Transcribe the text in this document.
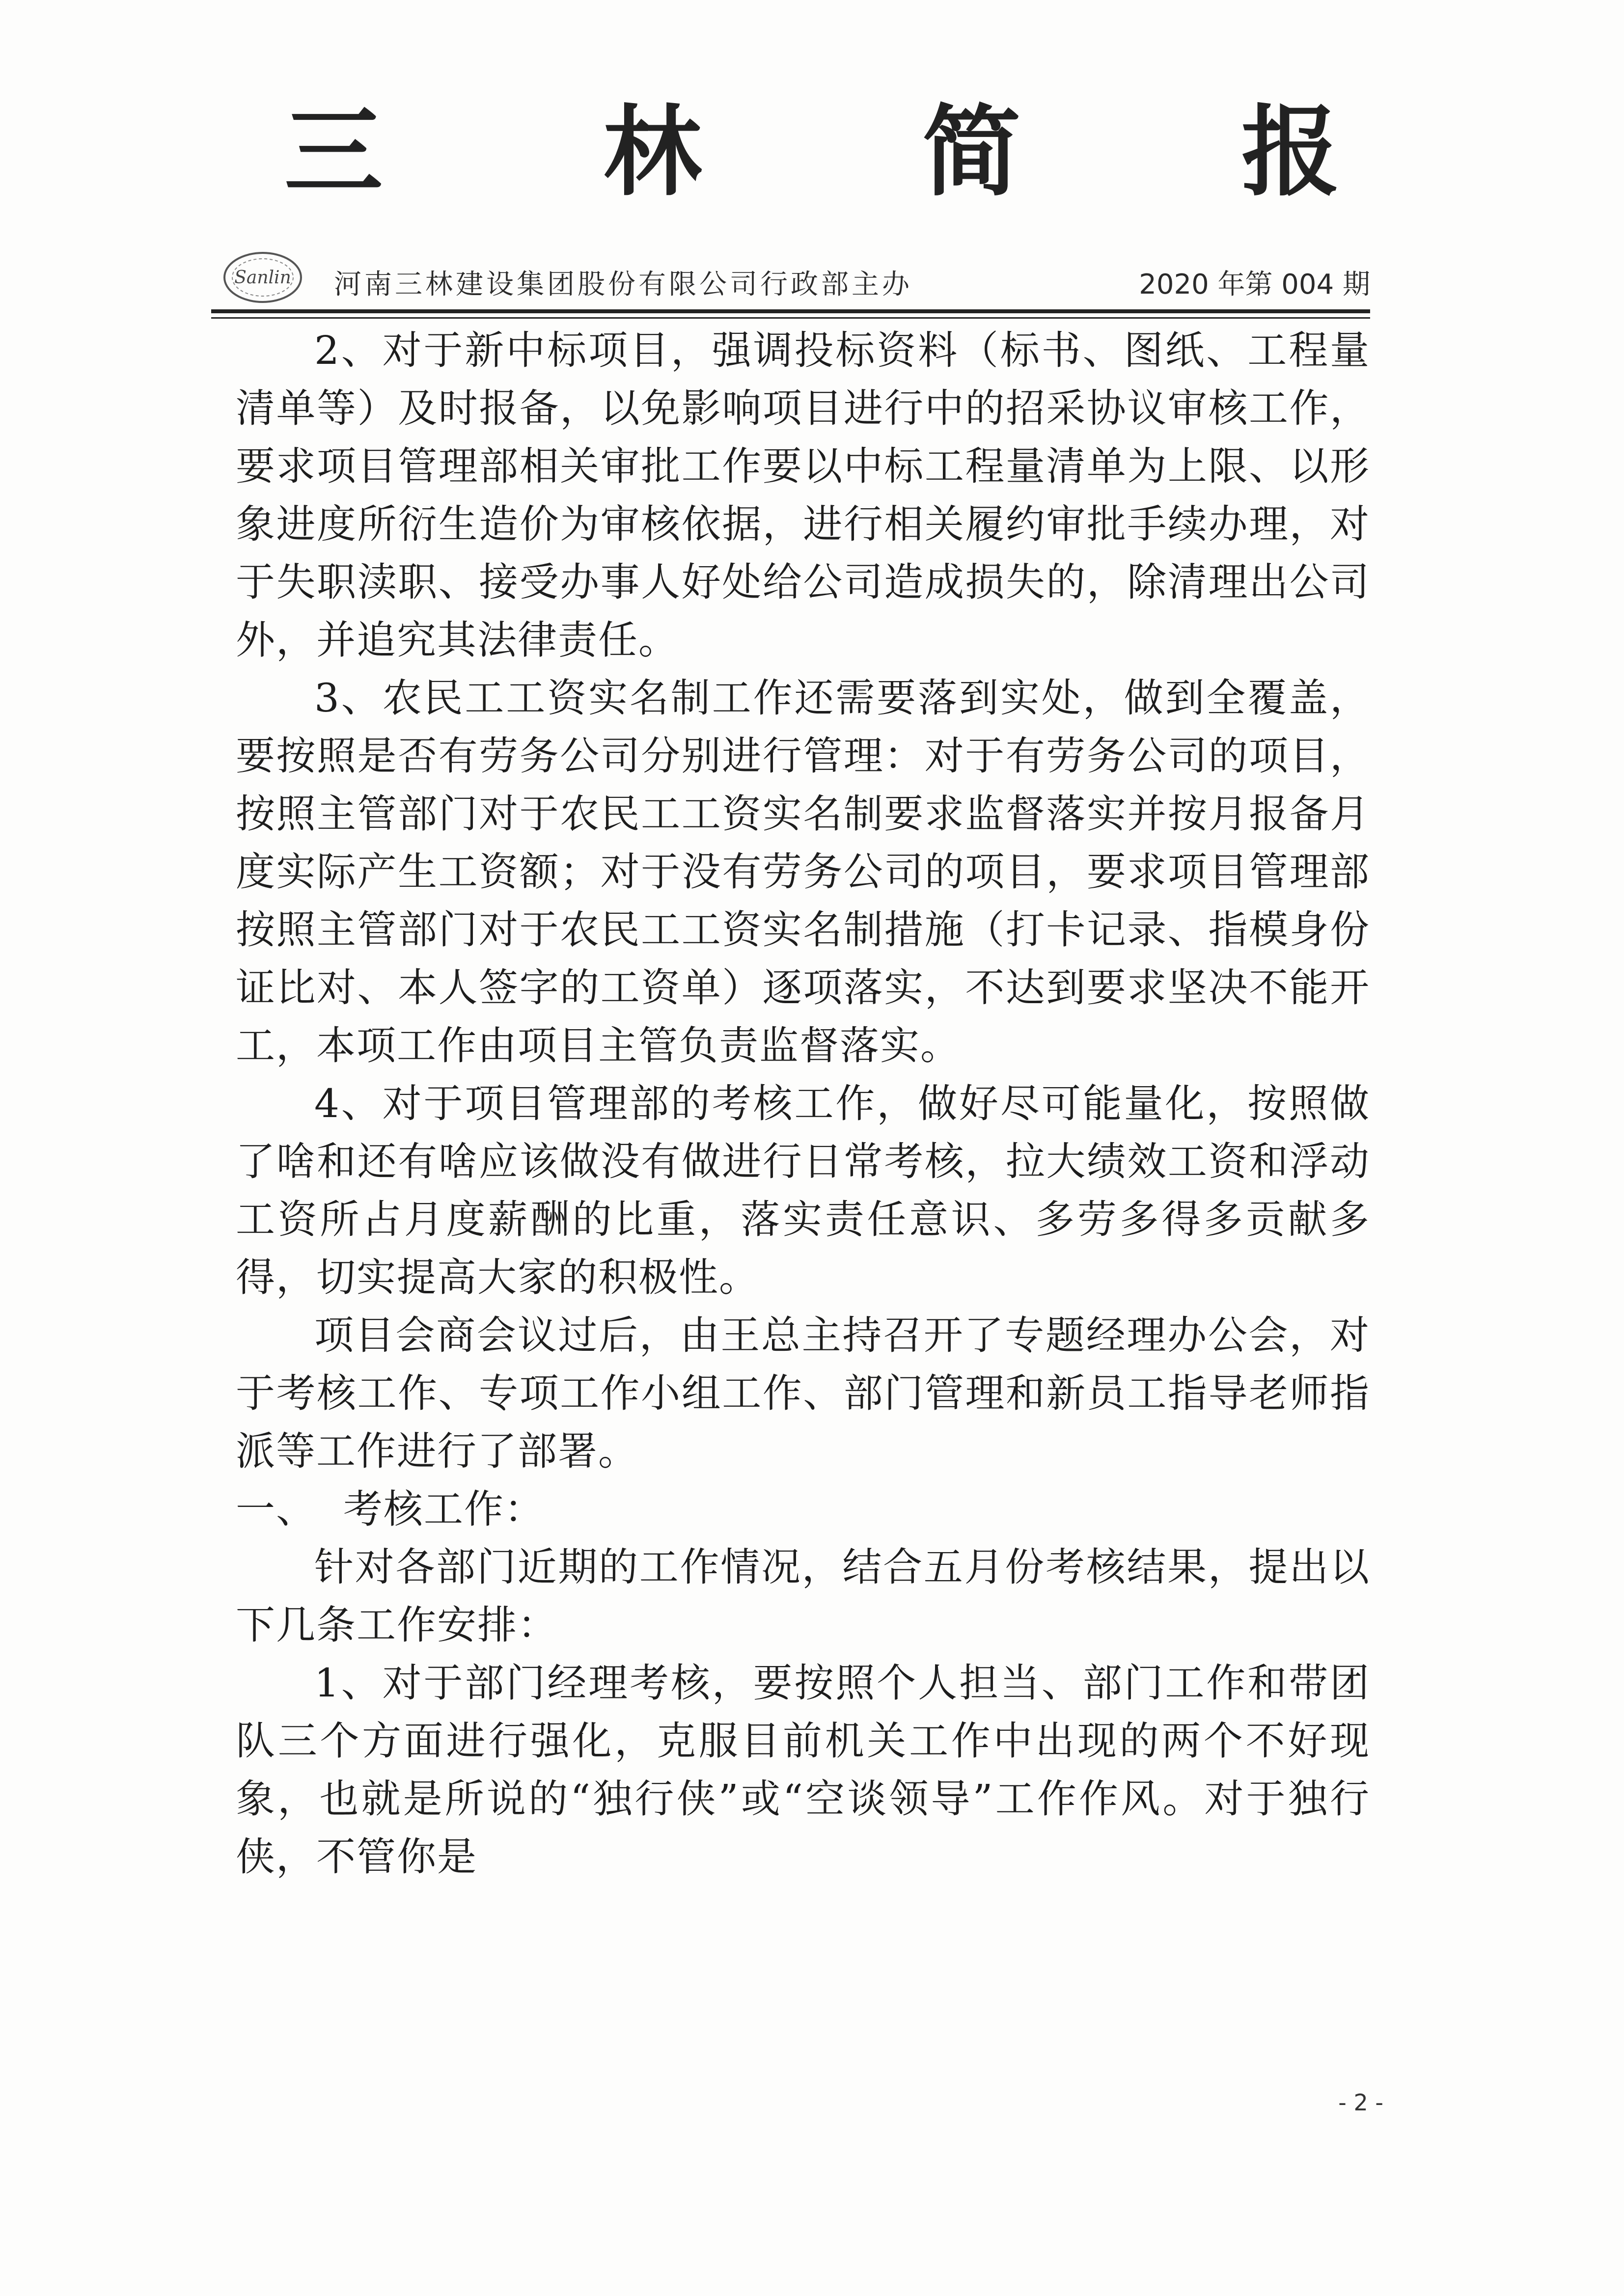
三 林 简 报
Sanlin 河南三林建设集团股份有限公司行政部主办	2020 年第 004 期

2、对于新中标项目，强调投标资料（标书、图纸、工程量清单等）及时报备，以免影响项目进行中的招采协议审核工作，要求项目管理部相关审批工作要以中标工程量清单为上限、以形象进度所衍生造价为审核依据，进行相关履约审批手续办理，对于失职渎职、接受办事人好处给公司造成损失的，除清理出公司外，并追究其法律责任。

3、农民工工资实名制工作还需要落到实处，做到全覆盖，要按照是否有劳务公司分别进行管理：对于有劳务公司的项目，按照主管部门对于农民工工资实名制要求监督落实并按月报备月度实际产生工资额；对于没有劳务公司的项目，要求项目管理部按照主管部门对于农民工工资实名制措施（打卡记录、指模身份证比对、本人签字的工资单）逐项落实，不达到要求坚决不能开工，本项工作由项目主管负责监督落实。

4、对于项目管理部的考核工作，做好尽可能量化，按照做了啥和还有啥应该做没有做进行日常考核，拉大绩效工资和浮动工资所占月度薪酬的比重，落实责任意识、多劳多得多贡献多得，切实提高大家的积极性。

项目会商会议过后，由王总主持召开了专题经理办公会，对于考核工作、专项工作小组工作、部门管理和新员工指导老师指派等工作进行了部署。

一、  考核工作：

针对各部门近期的工作情况，结合五月份考核结果，提出以下几条工作安排：

1、对于部门经理考核，要按照个人担当、部门工作和带团队三个方面进行强化，克服目前机关工作中出现的两个不好现象，也就是所说的“独行侠”或“空谈领导”工作作风。对于独行侠，不管你是

- 2 -
